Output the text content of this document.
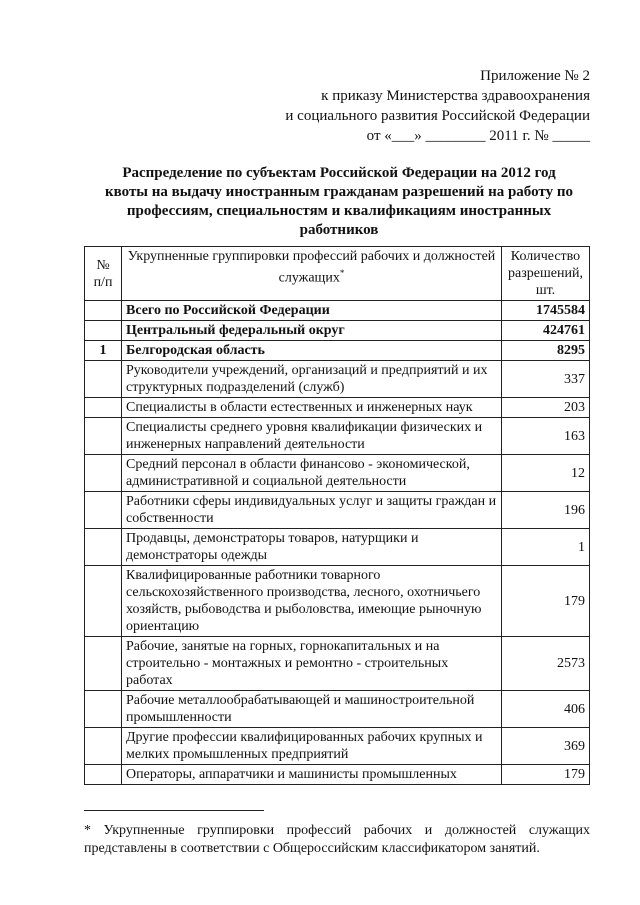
Приложение № 2
к приказу Министерства здравоохранения
и социального развития Российской Федерации
от «___» ________ 2011 г. № _____
Распределение по субъектам Российской Федерации на 2012 год
квоты на выдачу иностранным гражданам разрешений на работу по
профессиям, специальностям и квалификациям иностранных
работников
№ п/п	Укрупненные группировки профессий рабочих и должностей служащих*	Количество разрешений, шт.
	Всего по Российской Федерации	1745584
	Центральный федеральный округ	424761
1	Белгородская область	8295
	Руководители учреждений, организаций и предприятий и их структурных подразделений (служб)	337
	Специалисты в области естественных и инженерных наук	203
	Специалисты среднего уровня квалификации физических и инженерных направлений деятельности	163
	Средний персонал в области финансово - экономической, административной и социальной деятельности	12
	Работники сферы индивидуальных услуг и защиты граждан и собственности	196
	Продавцы, демонстраторы товаров, натурщики и демонстраторы одежды	1
	Квалифицированные работники товарного сельскохозяйственного производства, лесного, охотничьего хозяйств, рыбоводства и рыболовства, имеющие рыночную ориентацию	179
	Рабочие, занятые на горных, горнокапитальных и на строительно - монтажных и ремонтно - строительных работах	2573
	Рабочие металлообрабатывающей и машиностроительной промышленности	406
	Другие профессии квалифицированных рабочих крупных и мелких промышленных предприятий	369
	Операторы, аппаратчики и машинисты промышленных	179
* Укрупненные группировки профессий рабочих и должностей служащих представлены в соответствии с Общероссийским классификатором занятий.
